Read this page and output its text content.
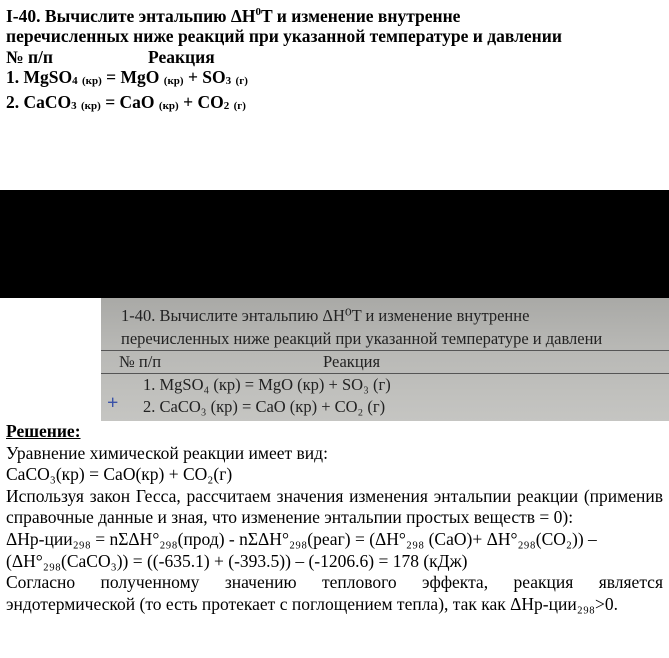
I-40. Вычислите энтальпию $\Delta H^0T$ и изменение внутренне
перечисленных ниже реакций при указанной температуре и давлении
№ п/п	Реакция
1. MgSO$_4$ $_{(кр)}$ = MgO $_{(кр)} + SO_3$ $_{(г)}$
2. CaCO$_3$ $_{(кр)}$ = CaO $_{(кр)} + CO_2$ $_{(г)}$
1-40. Вычислите энтальпию ΔH⁰T и изменение внутренне
перечисленных ниже реакций при указанной температуре и давлени
№ п/п	Реакция
1. MgSO₄ (кр) = MgO (кр) + SO₃ (г)
2. CaCO₃ (кр) = CaO (кр) + CO₂ (г)
+

Решение:

Уравнение химической реакции имеет вид:

CaCO₃(кр) = CaO(кр) + CO₂(г)

Используя закон Гесса, рассчитаем значения изменения энтальпии реакции (применив справочные данные и зная, что изменение энтальпии простых веществ = 0):

ΔHр-ции₂₉₈ = nΣΔH°₂₉₈(прод) - nΣΔH°₂₉₈(реаг) = (ΔH°₂₉₈ (CaO)+ ΔH°₂₉₈(CO₂)) –

(ΔH°₂₉₈(CaCO₃)) = ((-635.1) + (-393.5)) – (-1206.6) = 178 (кДж)

Согласно полученному значению теплового эффекта, реакция является эндотермической (то есть протекает с поглощением тепла), так как ΔHр-ции₂₉₈>0.
